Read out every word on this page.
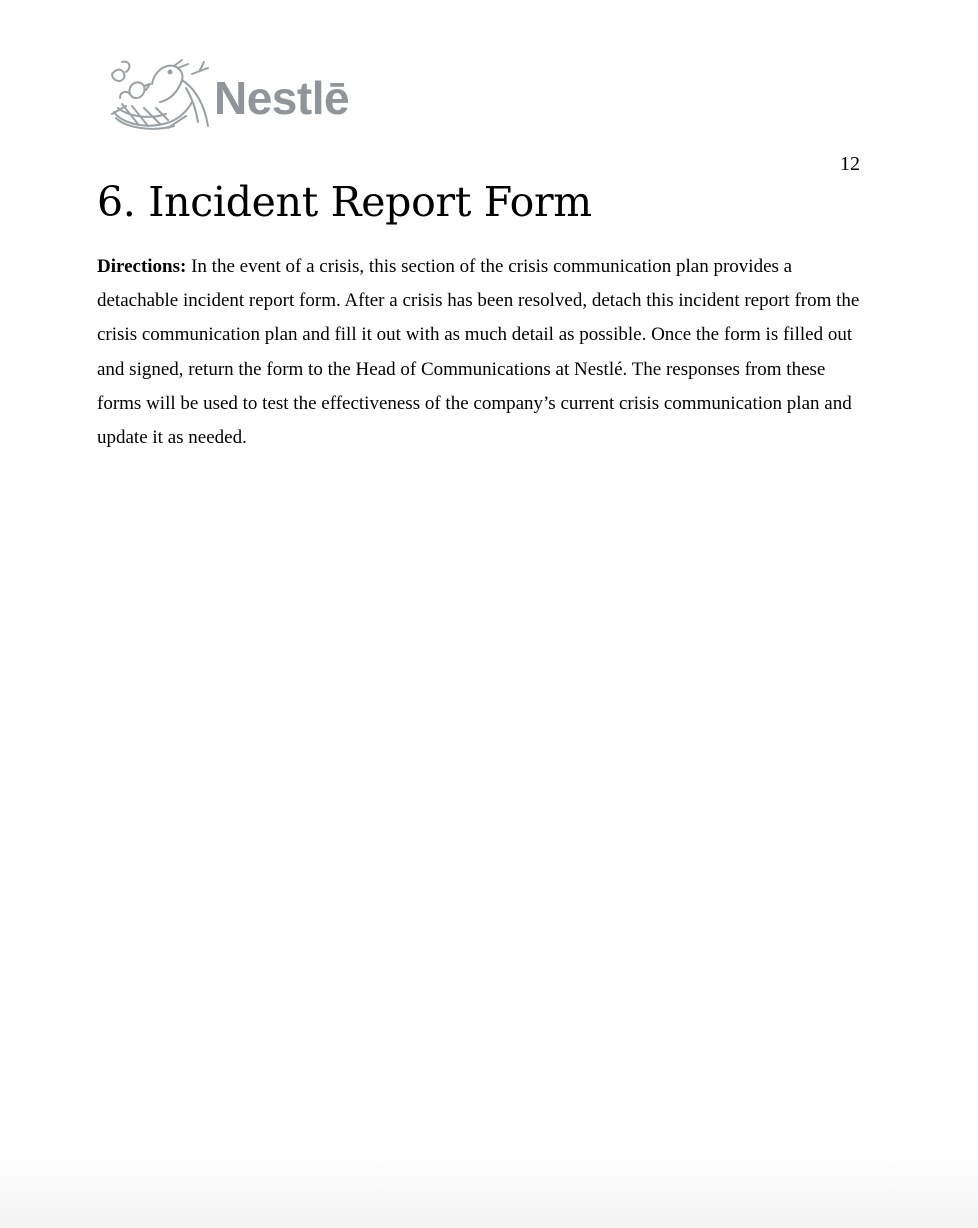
Nestlē
12
6. Incident Report Form

Directions: In the event of a crisis, this section of the crisis communication plan provides a detachable incident report form. After a crisis has been resolved, detach this incident report from the crisis communication plan and fill it out with as much detail as possible. Once the form is filled out and signed, return the form to the Head of Communications at Nestlé. The responses from these forms will be used to test the effectiveness of the company’s current crisis communication plan and update it as needed.
